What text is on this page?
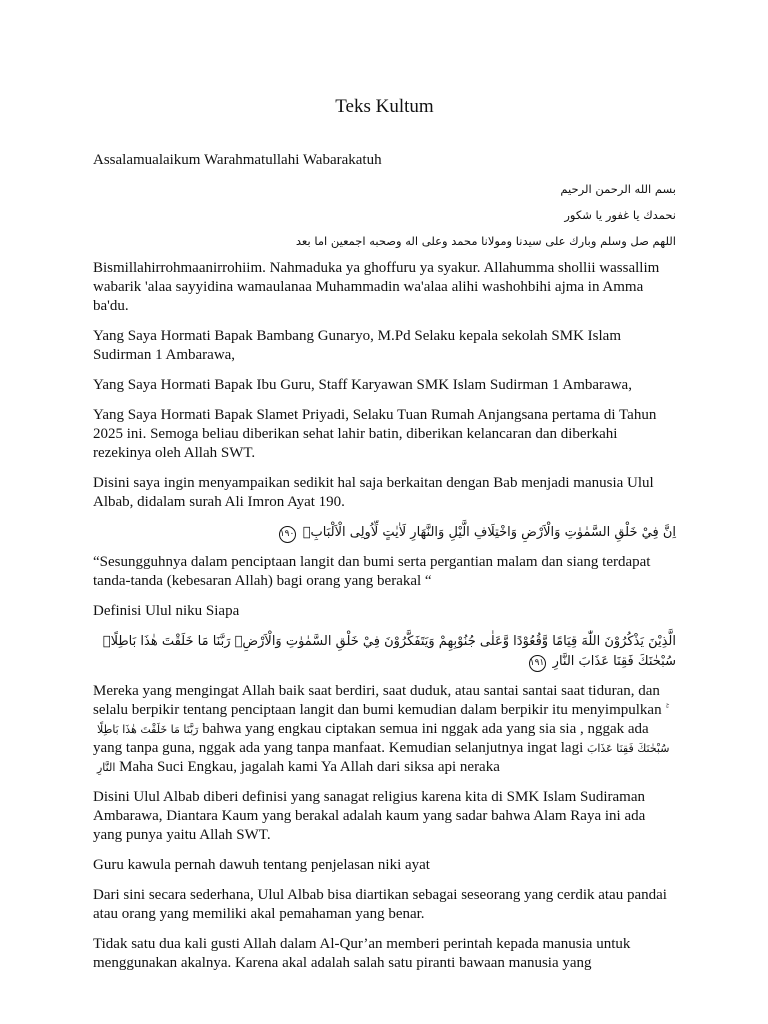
Teks Kultum

Assalamualaikum Warahmatullahi Wabarakatuh

بسم الله الرحمن الرحيم

نحمدك يا غفور يا شكور

اللهم صل وسلم وبارك على سيدنا ومولانا محمد وعلى اله وصحبه اجمعين اما بعد

Bismillahirrohmaanirrohiim. Nahmaduka ya ghoffuru ya syakur. Allahumma shollii wassallim wabarik 'alaa sayyidina wamaulanaa Muhammadin wa'alaa alihi washohbihi ajma in Amma ba'du.

Yang Saya Hormati Bapak Bambang Gunaryo, M.Pd Selaku kepala sekolah SMK Islam Sudirman 1 Ambarawa,

Yang Saya Hormati Bapak Ibu Guru, Staff Karyawan SMK Islam Sudirman 1 Ambarawa,

Yang Saya Hormati Bapak Slamet Priyadi, Selaku Tuan Rumah Anjangsana pertama di Tahun 2025 ini. Semoga beliau diberikan sehat lahir batin, diberikan kelancaran dan diberkahi rezekinya oleh Allah SWT.

Disini saya ingin menyampaikan sedikit hal saja berkaitan dengan Bab menjadi manusia Ulul Albab, didalam surah Ali Imron Ayat 190.

اِنَّ فِيْ خَلْقِ السَّمٰوٰتِ وَالْاَرْضِ وَاخْتِلَافِ الَّيْلِ وَالنَّهَارِ لَاٰيٰتٍ لِّاُولِى الْاَلْبَابِۙ ١٩٠

“Sesungguhnya dalam penciptaan langit dan bumi serta pergantian malam dan siang terdapat tanda-tanda (kebesaran Allah) bagi orang yang berakal “

Definisi Ulul niku Siapa

الَّذِيْنَ يَذْكُرُوْنَ اللّٰهَ قِيَامًا وَّقُعُوْدًا وَّعَلٰى جُنُوْبِهِمْ وَيَتَفَكَّرُوْنَ فِيْ خَلْقِ السَّمٰوٰتِ وَالْاَرْضِۚ رَبَّنَا مَا خَلَقْتَ هٰذَا بَاطِلًاۚ سُبْحٰنَكَ فَقِنَا عَذَابَ النَّارِ ١٩١

Mereka yang mengingat Allah baik saat berdiri, saat duduk, atau santai santai saat tiduran, dan selalu berpikir tentang penciptaan langit dan bumi kemudian dalam berpikir itu menyimpulkan رَبَّنَا مَا خَلَقْتَ هٰذَا بَاطِلًا	bahwa yang engkau ciptakan semua ini nggak ada yang sia sia , nggak ada yang tanpa guna, nggak ada yang tanpa manfaat. Kemudian selanjutnya ingat lagi سُبْحٰنَكَ فَقِنَا عَذَابَ النَّارِ Maha Suci Engkau, jagalah kami Ya Allah dari siksa api neraka

Disini Ulul Albab diberi definisi yang sanagat religius karena kita di SMK Islam Sudiraman Ambarawa, Diantara Kaum yang berakal adalah kaum yang sadar bahwa Alam Raya ini ada yang punya yaitu Allah SWT.

Guru kawula pernah dawuh tentang penjelasan niki ayat

Dari sini secara sederhana, Ulul Albab bisa diartikan sebagai seseorang yang cerdik atau pandai atau orang yang memiliki akal pemahaman yang benar.

Tidak satu dua kali gusti Allah dalam Al-Qur’an memberi perintah kepada manusia untuk menggunakan akalnya. Karena akal adalah salah satu piranti bawaan manusia yang
